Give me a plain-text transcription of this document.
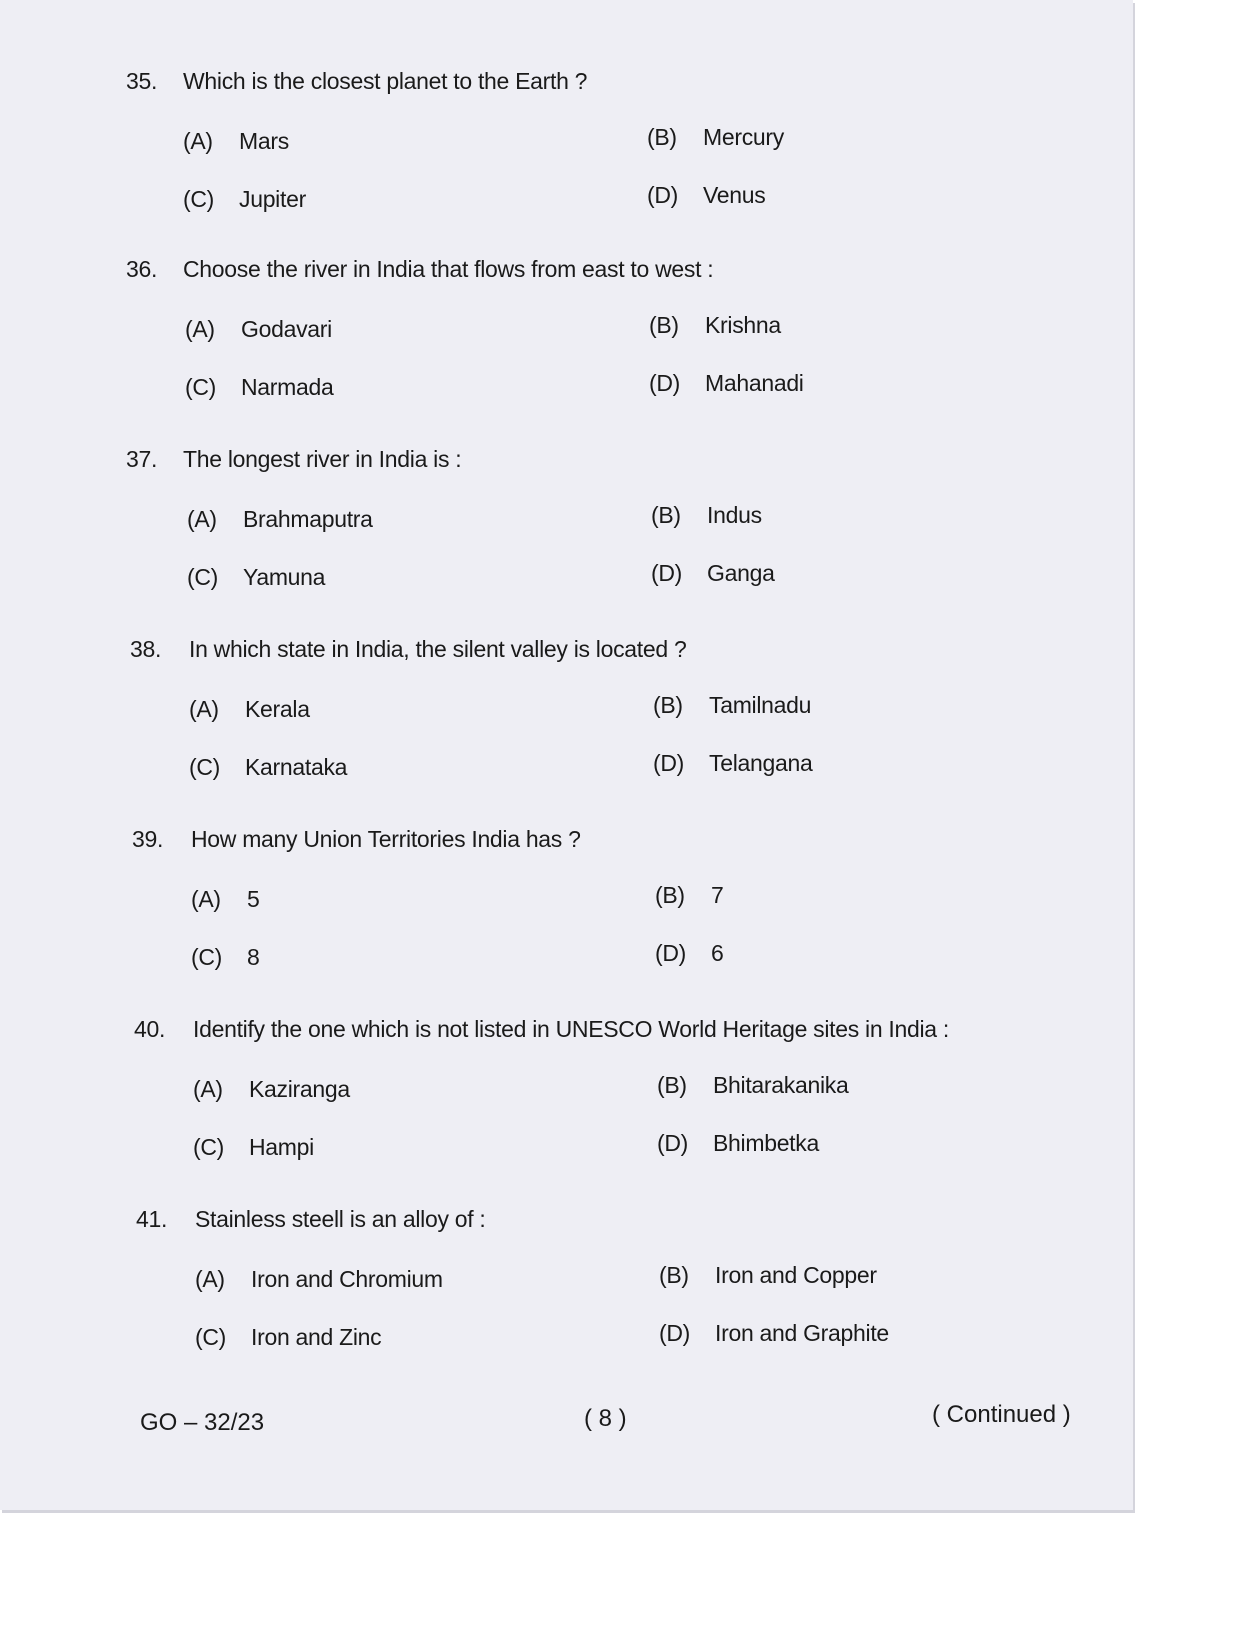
35. Which is the closest planet to the Earth ?
(A) Mars	(B) Mercury
(C) Jupiter	(D) Venus
36. Choose the river in India that flows from east to west :
(A) Godavari	(B) Krishna
(C) Narmada	(D) Mahanadi
37. The longest river in India is :
(A) Brahmaputra	(B) Indus
(C) Yamuna	(D) Ganga
38. In which state in India, the silent valley is located ?
(A) Kerala	(B) Tamilnadu
(C) Karnataka	(D) Telangana
39. How many Union Territories India has ?
(A) 5	(B) 7
(C) 8	(D) 6
40. Identify the one which is not listed in UNESCO World Heritage sites in India :
(A) Kaziranga	(B) Bhitarakanika
(C) Hampi	(D) Bhimbetka
41. Stainless steell is an alloy of :
(A) Iron and Chromium	(B) Iron and Copper
(C) Iron and Zinc	(D) Iron and Graphite
GO – 32/23	( 8 )	( Continued )
